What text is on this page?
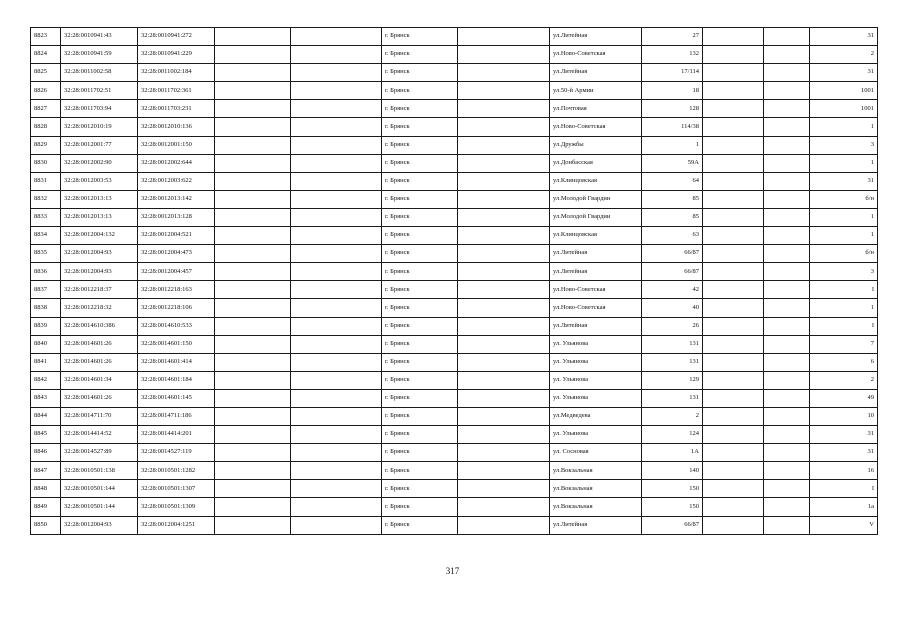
8823	32:28:0010941:43	32:28:0010941:272			г. Брянск		ул.Литейная	27			31
8824	32:28:0010941:59	32:28:0010941:229			г. Брянск		ул.Ново-Советская	132			2
8825	32:28:0011002:58	32:28:0011002:184			г. Брянск		ул.Литейная	17/114			31
8826	32:28:0011702:51	32:28:0011702:361			г. Брянск		ул.50-й Армии	18			1001
8827	32:28:0011703:94	32:28:0011703:231			г. Брянск		ул.Почтовая	128			1001
8828	32:28:0012010:19	32:28:0012010:136			г. Брянск		ул.Ново-Советская	114/38			1
8829	32:28:0012001:77	32:28:0012001:150			г. Брянск		ул.Дружбы	1			3
8830	32:28:0012002:90	32:28:0012002:644			г. Брянск		ул.Донбасская	59А			1
8831	32:28:0012003:53	32:28:0012003:622			г. Брянск		ул.Клинцовская	64			31
8832	32:28:0012013:13	32:28:0012013:142			г. Брянск		ул.Молодой Гвардии	85			б/н
8833	32:28:0012013:13	32:28:0012013:128			г. Брянск		ул.Молодой Гвардии	85			1
8834	32:28:0012004:132	32:28:0012004:521			г. Брянск		ул.Клинцовская	63			1
8835	32:28:0012004:93	32:28:0012004:473			г. Брянск		ул.Литейная	66/87			б/н
8836	32:28:0012004:93	32:28:0012004:457			г. Брянск		ул.Литейная	66/87			3
8837	32:28:0012218:37	32:28:0012218:163			г. Брянск		ул.Ново-Советская	42			I
8838	32:28:0012218:32	32:28:0012218:106			г. Брянск		ул.Ново-Советская	40			1
8839	32:28:0014610:386	32:28:0014610:533			г. Брянск		ул.Литейная	26			I
8840	32:28:0014601:26	32:28:0014601:150			г. Брянск		ул. Ульянова	131			7
8841	32:28:0014601:26	32:28:0014601:414			г. Брянск		ул. Ульянова	131			6
8842	32:28:0014601:34	32:28:0014601:184			г. Брянск		ул. Ульянова	129			2
8843	32:28:0014601:26	32:28:0014601:145			г. Брянск		ул. Ульянова	131			49
8844	32:28:0014711:70	32:28:0014711:186			г. Брянск		ул.Медведева	2			10
8845	32:28:0014414:52	32:28:0014414:201			г. Брянск		ул. Ульянова	124			31
8846	32:28:0014527:89	32:28:0014527:119			г. Брянск		ул. Сосновая	1А			31
8847	32:28:0010501:138	32:28:0010501:1282			г. Брянск		ул.Вокзальная	140			16
8848	32:28:0010501:144	32:28:0010501:1307			г. Брянск		ул.Вокзальная	150			I
8849	32:28:0010501:144	32:28:0010501:1309			г. Брянск		ул.Вокзальная	150			1а
8850	32:28:0012004:93	32:28:0012004:1251			г. Брянск		ул.Литейная	66/87			V
317
